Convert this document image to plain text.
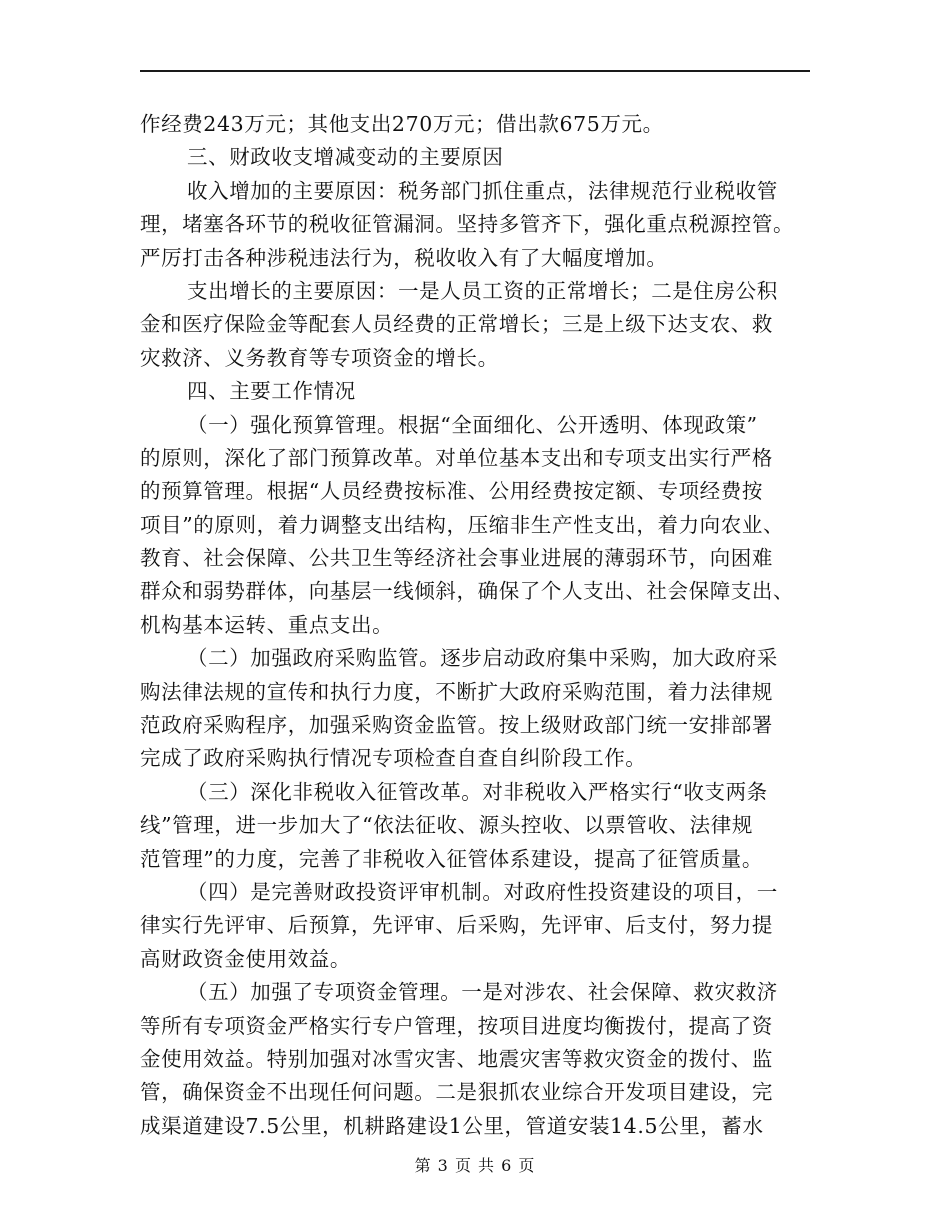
作经费243万元；其他支出270万元；借出款675万元。
三、财政收支增减变动的主要原因
收入增加的主要原因：税务部门抓住重点，法律规范行业税收管
理，堵塞各环节的税收征管漏洞。坚持多管齐下，强化重点税源控管。
严厉打击各种涉税违法行为，税收收入有了大幅度增加。
支出增长的主要原因：一是人员工资的正常增长；二是住房公积
金和医疗保险金等配套人员经费的正常增长；三是上级下达支农、救
灾救济、义务教育等专项资金的增长。
四、主要工作情况
（一）强化预算管理。根据“全面细化、公开透明、体现政策”
的原则，深化了部门预算改革。对单位基本支出和专项支出实行严格
的预算管理。根据“人员经费按标准、公用经费按定额、专项经费按
项目”的原则，着力调整支出结构，压缩非生产性支出，着力向农业、
教育、社会保障、公共卫生等经济社会事业进展的薄弱环节，向困难
群众和弱势群体，向基层一线倾斜，确保了个人支出、社会保障支出、
机构基本运转、重点支出。
（二）加强政府采购监管。逐步启动政府集中采购，加大政府采
购法律法规的宣传和执行力度，不断扩大政府采购范围，着力法律规
范政府采购程序，加强采购资金监管。按上级财政部门统一安排部署
完成了政府采购执行情况专项检查自查自纠阶段工作。
（三）深化非税收入征管改革。对非税收入严格实行“收支两条
线”管理，进一步加大了“依法征收、源头控收、以票管收、法律规
范管理”的力度，完善了非税收入征管体系建设，提高了征管质量。
（四）是完善财政投资评审机制。对政府性投资建设的项目，一
律实行先评审、后预算，先评审、后采购，先评审、后支付，努力提
高财政资金使用效益。
（五）加强了专项资金管理。一是对涉农、社会保障、救灾救济
等所有专项资金严格实行专户管理，按项目进度均衡拨付，提高了资
金使用效益。特别加强对冰雪灾害、地震灾害等救灾资金的拨付、监
管，确保资金不出现任何问题。二是狠抓农业综合开发项目建设，完
成渠道建设7.5公里，机耕路建设1公里，管道安装14.5公里，蓄水
第 3 页 共 6 页
